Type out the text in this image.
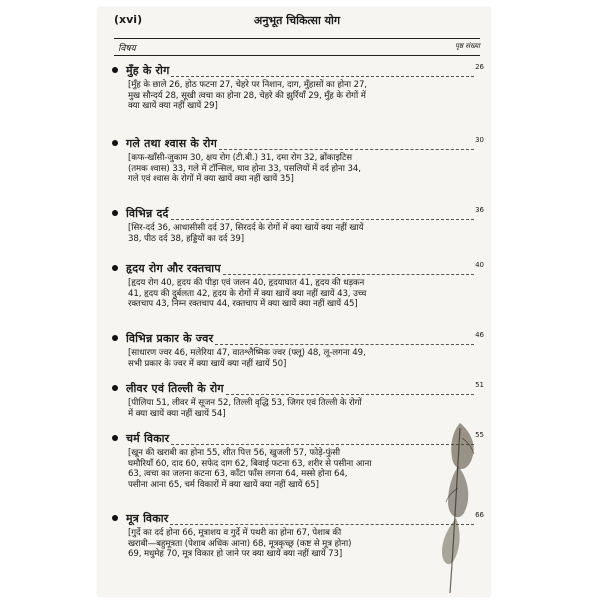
(xvi)	अनुभूत चिकित्सा योग
विषय	पृष्ठ संख्या
मुँह के रोग	26
[मुँह के छाले 26, होठ फटना 27, चेहरे पर निशान, दाग, मुँहासों का होना 27,
मुख सौन्दर्य 28, सूखी त्वचा का होना 28, चेहरे की झुर्रियाँ 29, मुँह के रोगों में
क्या खायें क्या नहीं खायें 29]
गले तथा श्वास के रोग	30
[कफ-खाँसी-जुकाम 30, क्षय रोग (टी.बी.) 31, दमा रोग 32, ब्रोंकाइटिस
(तमक श्वास) 33, गले में टॉन्सिल, घाव होना 33, पसलियों में दर्द होना 34,
गले एवं श्वास के रोगों में क्या खायें क्या नहीं खायें 35]
विभिन्न दर्द	36
[सिर-दर्द 36, आधासीसी दर्द 37, सिरदर्द के रोगों में क्या खायें क्या नहीं खायें
38, पीठ दर्द 38, हड्डियों का दर्द 39]
हृदय रोग और रक्तचाप	40
[हृदय रोग 40, हृदय की पीड़ा एवं जलन 40, हृदयाघात 41, हृदय की धड़कन
41, हृदय की दुर्बलता 42, हृदय के रोगों में क्या खायें क्या नहीं खायें 43, उच्च
रक्तचाप 43, निम्न रक्तचाप 44, रक्तचाप में क्या खायें क्या नहीं खायें 45]
विभिन्न प्रकार के ज्वर	46
[साधारण ज्वर 46, मलेरिया 47, वातश्लैष्मिक ज्वर (फ्लू) 48, लू-लगना 49,
सभी प्रकार के ज्वर में क्या खायें क्या नहीं खायें 50]
लीवर एवं तिल्ली के रोग	51
[पीलिया 51, लीवर में सूजन 52, तिल्ली वृद्धि 53, जिगर एवं तिल्ली के रोगों
में क्या खायें क्या नहीं खायें 54]
चर्म विकार	55
[खून की खराबी का होना 55, शीत पित्त 56, खुजली 57, फोड़े-फुंसी
घमौरियाँ 60, दाद 60, सफेद दाग 62, बिवाई फटना 63, शरीर से पसीना आना
63, त्वचा का जलना कटना 63, काँटा फाँस लगना 64, मस्से होना 64,
पसीना आना 65, चर्म विकारों में क्या खायें क्या नहीं खायें 65]
मूत्र विकार	66
[गुर्दे का दर्द होना 66, मूत्राशय व गुर्दे में पथरी का होना 67, पेशाब की
खराबी—बहुमूत्रता (पेशाब अधिक आना) 68, मूत्रकृच्छ्र (कष्ट से मूत्र होना)
69, मधुमेह 70, मूत्र विकार हो जाने पर क्या खायें क्या नहीं खायें 73]
